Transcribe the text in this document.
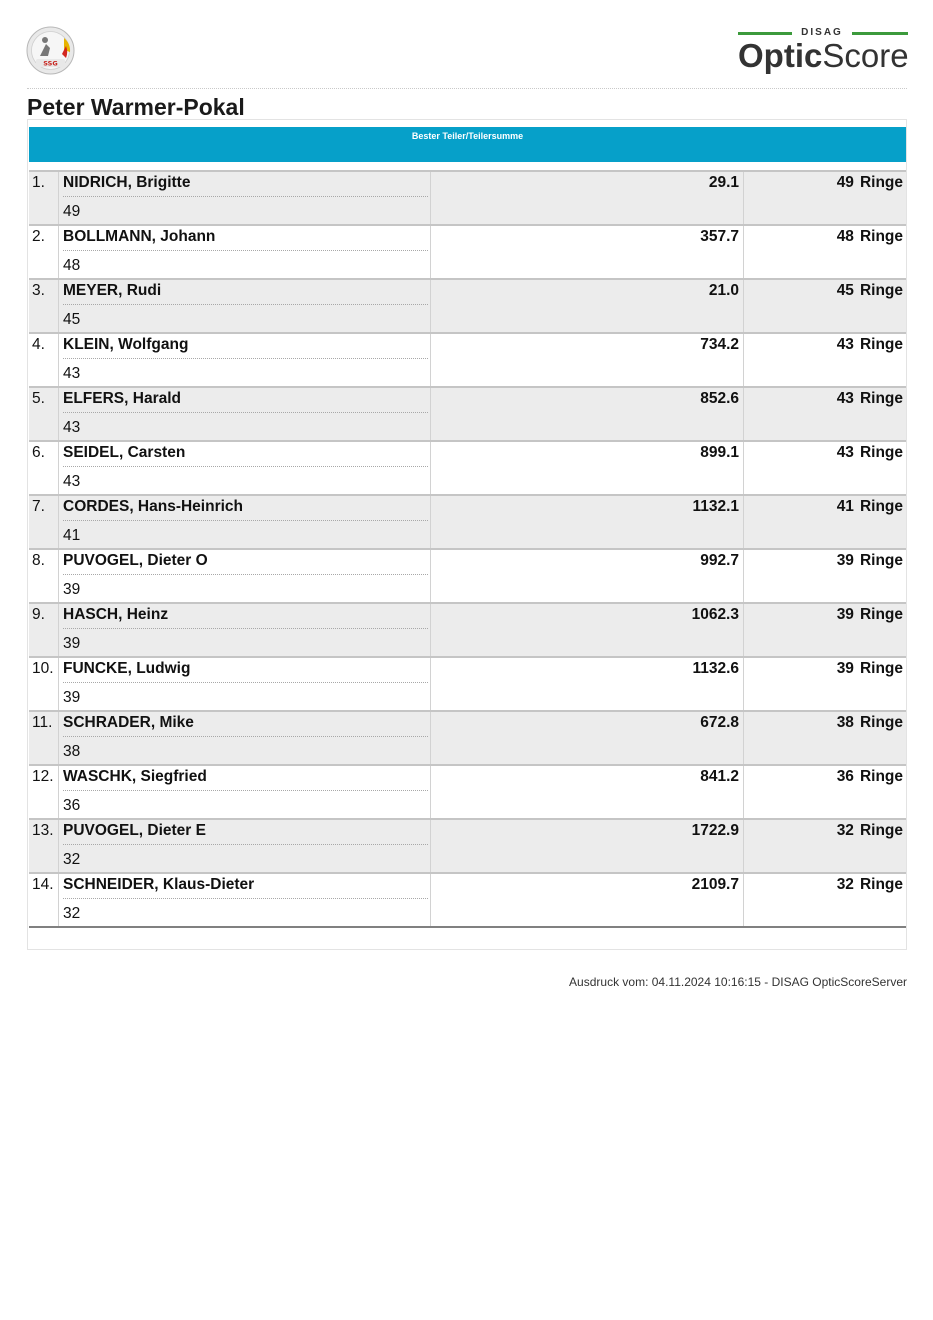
SSG
DISAG
OpticScore
Peter Warmer-Pokal
Bester Teiler/Teilersumme
1.	NIDRICH, Brigitte
49
29.1	49 Ringe
2.	BOLLMANN, Johann
48
357.7	48 Ringe
3.	MEYER, Rudi
45
21.0	45 Ringe
4.	KLEIN, Wolfgang
43
734.2	43 Ringe
5.	ELFERS, Harald
43
852.6	43 Ringe
6.	SEIDEL, Carsten
43
899.1	43 Ringe
7.	CORDES, Hans-Heinrich
41
1132.1	41 Ringe
8.	PUVOGEL, Dieter O
39
992.7	39 Ringe
9.	HASCH, Heinz
39
1062.3	39 Ringe
10. FUNCKE, Ludwig
39
1132.6	39 Ringe
11. SCHRADER, Mike
38
672.8	38 Ringe
12. WASCHK, Siegfried
36
841.2	36 Ringe
13. PUVOGEL, Dieter E
32
1722.9	32 Ringe
14. SCHNEIDER, Klaus-Dieter
32
2109.7	32 Ringe
Ausdruck vom: 04.11.2024 10:16:15 - DISAG OpticScoreServer
